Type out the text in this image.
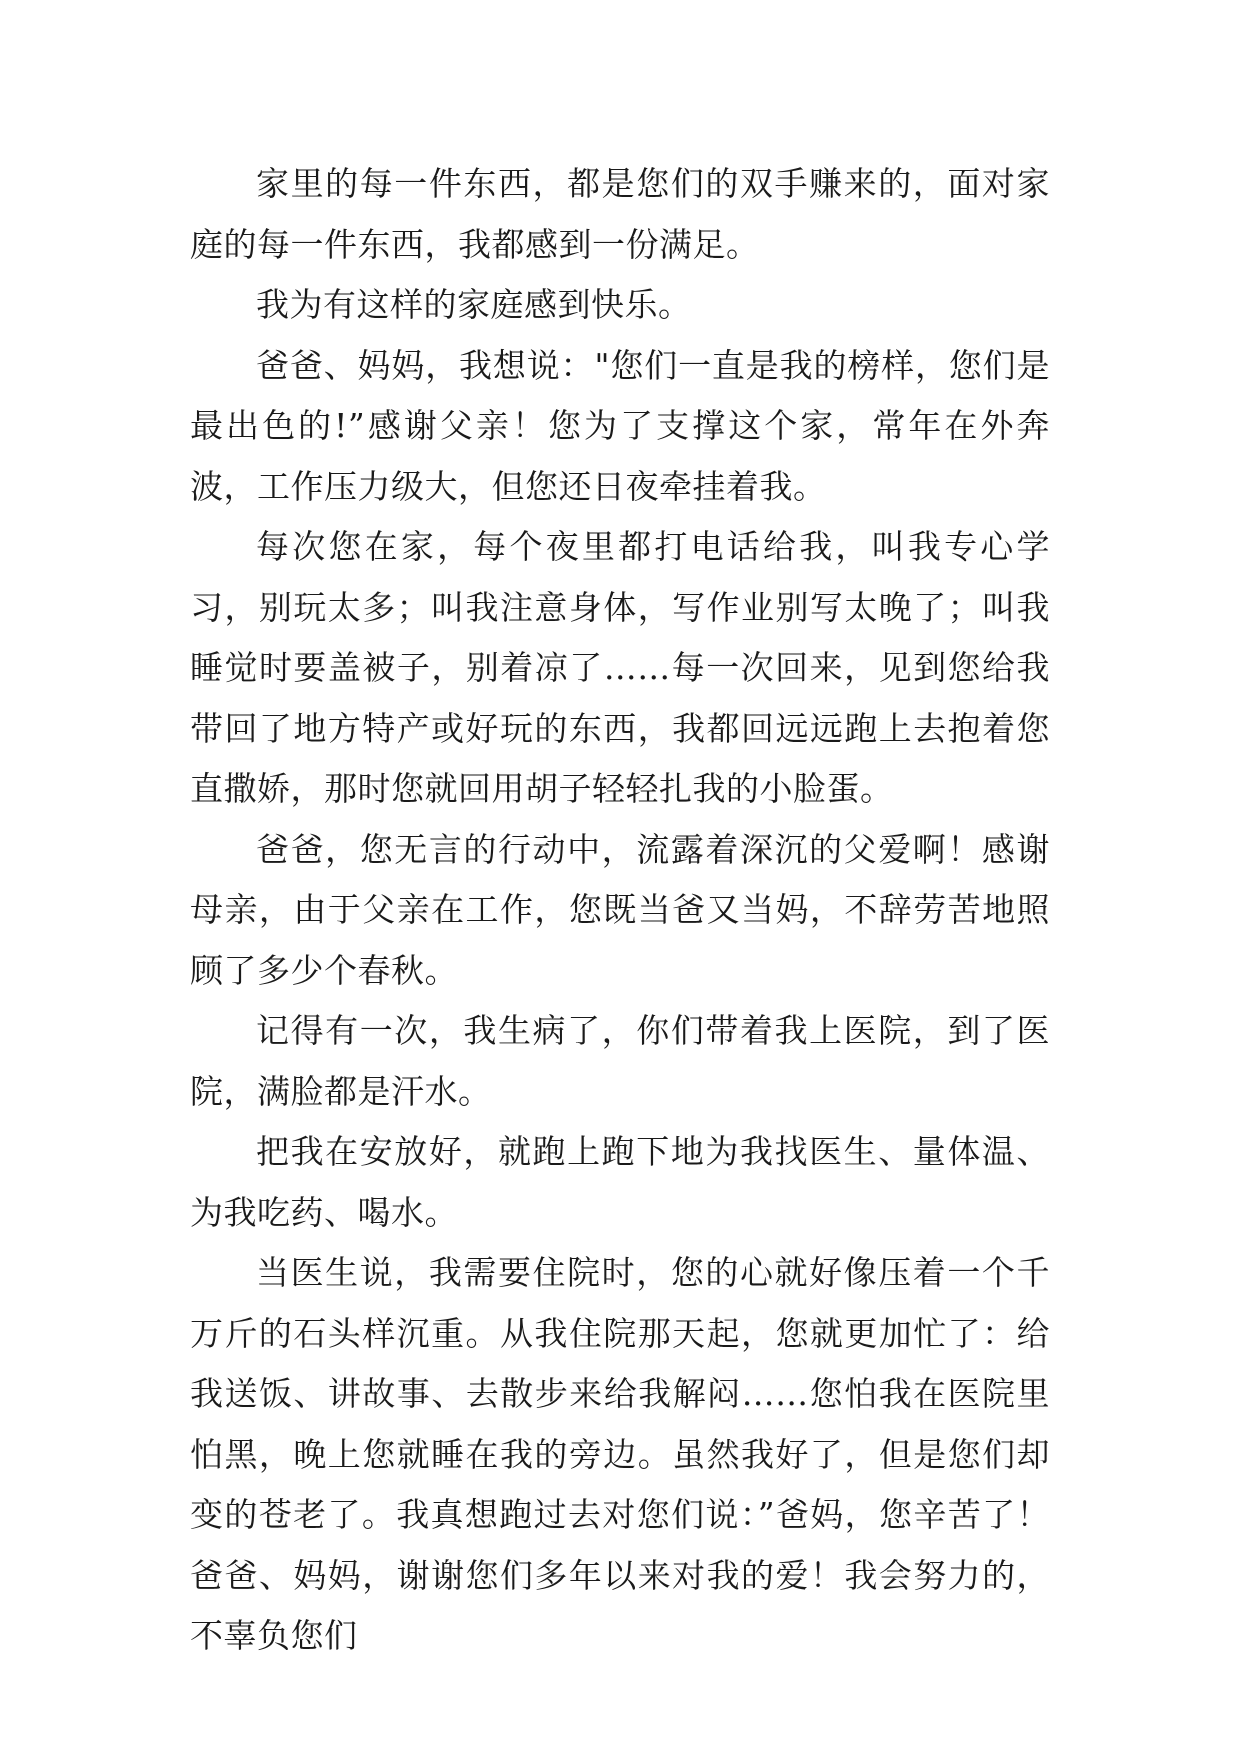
家里的每一件东西，都是您们的双手赚来的，面对家庭的每一件东西，我都感到一份满足。

我为有这样的家庭感到快乐。

爸爸、妈妈，我想说："您们一直是我的榜样，您们是最出色的!”感谢父亲！您为了支撑这个家，常年在外奔波，工作压力级大，但您还日夜牵挂着我。

每次您在家，每个夜里都打电话给我，叫我专心学习，别玩太多；叫我注意身体，写作业别写太晚了；叫我睡觉时要盖被子，别着凉了……每一次回来，见到您给我带回了地方特产或好玩的东西，我都回远远跑上去抱着您直撒娇，那时您就回用胡子轻轻扎我的小脸蛋。

爸爸，您无言的行动中，流露着深沉的父爱啊！感谢母亲，由于父亲在工作，您既当爸又当妈，不辞劳苦地照顾了多少个春秋。

记得有一次，我生病了，你们带着我上医院，到了医院，满脸都是汗水。

把我在安放好，就跑上跑下地为我找医生、量体温、为我吃药、喝水。

当医生说，我需要住院时，您的心就好像压着一个千万斤的石头样沉重。从我住院那天起，您就更加忙了：给我送饭、讲故事、去散步来给我解闷……您怕我在医院里怕黑，晚上您就睡在我的旁边。虽然我好了，但是您们却变的苍老了。我真想跑过去对您们说：”爸妈，您辛苦了！爸爸、妈妈，谢谢您们多年以来对我的爱！我会努力的，不辜负您们
